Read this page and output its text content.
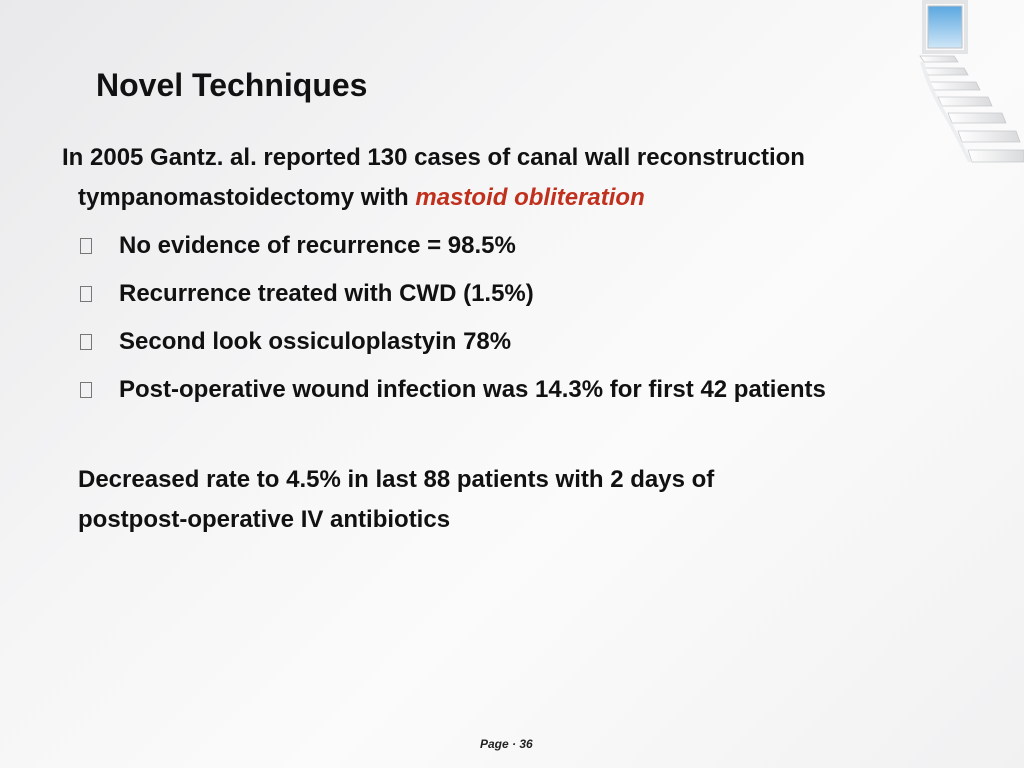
Novel Techniques
In 2005 Gantz. al. reported 130 cases of canal wall reconstruction
tympanomastoidectomy with mastoid obliteration
No evidence of recurrence = 98.5%
Recurrence treated with CWD (1.5%)
Second look ossiculoplastyin 78%
Post-operative wound infection was 14.3% for first 42 patients
Decreased rate to 4.5% in last 88 patients with 2 days of
postpost-operative IV antibiotics
Page · 36
